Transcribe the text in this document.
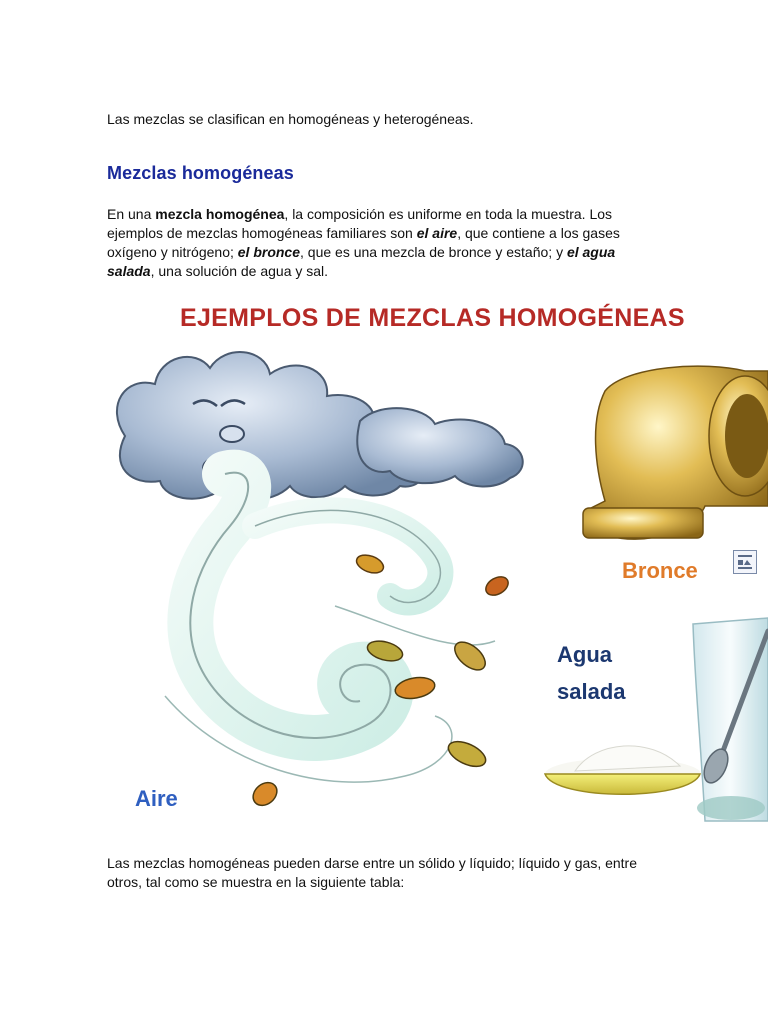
Las mezclas se clasifican en homogéneas y heterogéneas.

Mezclas homogéneas

En una mezcla homogénea, la composición es uniforme en toda la muestra. Los ejemplos de mezclas homogéneas familiares son el aire, que contiene a los gases oxígeno y nitrógeno; el bronce, que es una mezcla de bronce y estaño; y el agua salada, una solución de agua y sal.

EJEMPLOS DE MEZCLAS HOMOGÉNEAS
Aire
Bronce
Agua
salada

Las mezclas homogéneas pueden darse entre un sólido y líquido; líquido y gas, entre otros, tal como se muestra en la siguiente tabla:
